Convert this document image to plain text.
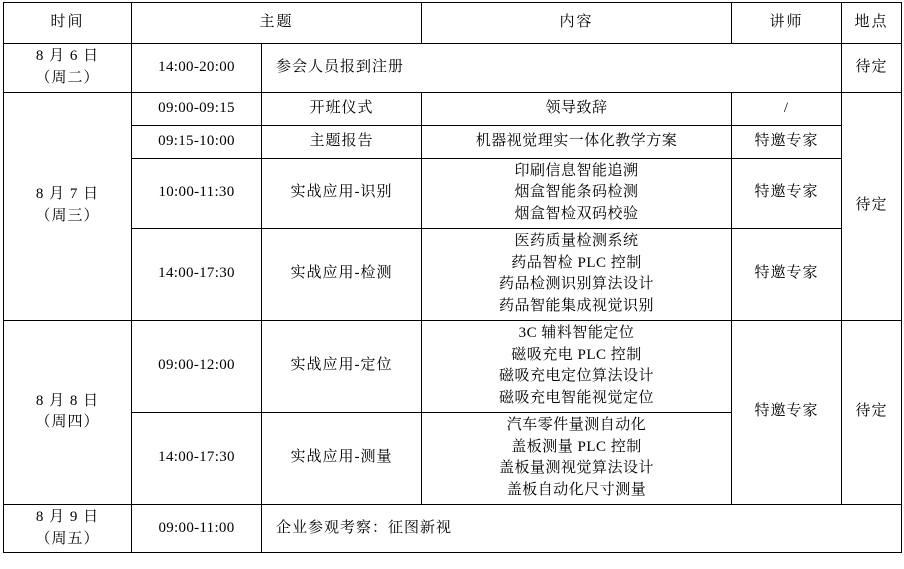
时间	主题		内容	讲师	地点

8 月 6 日
（周二）	14:00-20:00	参会人员报到注册			待定

8 月 7 日
（周三）	09:00-09:15	开班仪式	领导致辞	/	待定
	09:15-10:00	主题报告	机器视觉理实一体化教学方案	特邀专家	
	10:00-11:30	实战应用-识别	印刷信息智能追溯
烟盒智能条码检测
烟盒智检双码校验	特邀专家	
	14:00-17:30	实战应用-检测	医药质量检测系统
药品智检 PLC 控制
药品检测识别算法设计
药品智能集成视觉识别	特邀专家	

8 月 8 日
（周四）	09:00-12:00	实战应用-定位	3C 辅料智能定位
磁吸充电 PLC 控制
磁吸充电定位算法设计
磁吸充电智能视觉定位	特邀专家	待定
	14:00-17:30	实战应用-测量	汽车零件量测自动化
盖板测量 PLC 控制
盖板量测视觉算法设计
盖板自动化尺寸测量		

8 月 9 日
（周五）	09:00-11:00	企业参观考察：征图新视			
